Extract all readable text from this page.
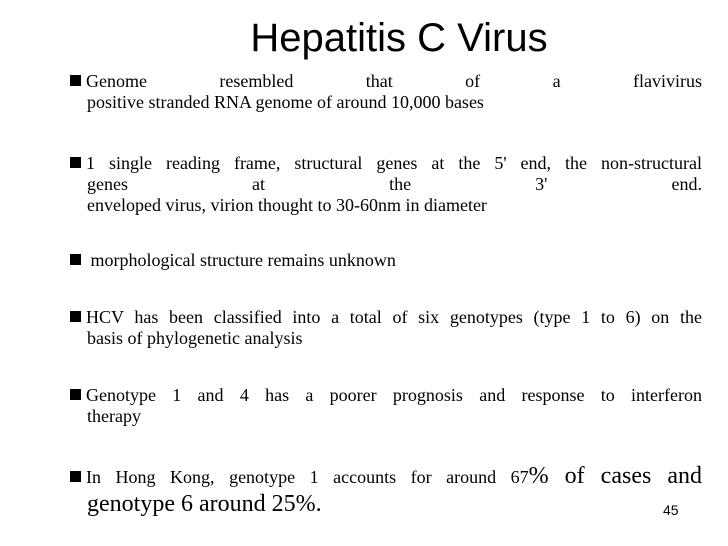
Hepatitis C Virus
Genome resembled that of a flavivirus
positive stranded RNA genome of around 10,000 bases
1 single reading frame, structural genes at the 5' end, the non-structural
genes at the 3' end.
enveloped virus, virion thought to 30-60nm in diameter
morphological structure remains unknown
HCV has been classified into a total of six genotypes (type 1 to 6) on the
basis of phylogenetic analysis
Genotype 1 and 4 has a poorer prognosis and response to interferon
therapy
In Hong Kong, genotype 1 accounts for around 67% of cases and
genotype 6 around 25%.	45
